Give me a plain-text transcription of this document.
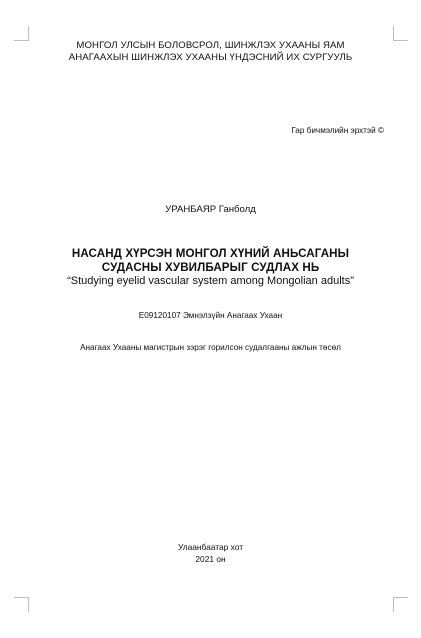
МОНГОЛ УЛСЫН БОЛОВСРОЛ, ШИНЖЛЭХ УХААНЫ ЯАМ
АНАГААХЫН ШИНЖЛЭХ УХААНЫ ҮНДЭСНИЙ ИХ СУРГУУЛЬ
Гар бичмэлийн эрхтэй ©
УРАНБАЯР Ганболд
НАСАНД ХҮРСЭН МОНГОЛ ХҮНИЙ АНЬСАГАНЫ
СУДАСНЫ ХУВИЛБАРЫГ СУДЛАХ НЬ
“Studying eyelid vascular system among Mongolian adults”
E09120107 Эмнэлзүйн Анагаах Ухаан
Анагаах Ухааны магистрын зэрэг горилсон судалгааны ажлын төсөл
Улаанбаатар хот
2021 он
